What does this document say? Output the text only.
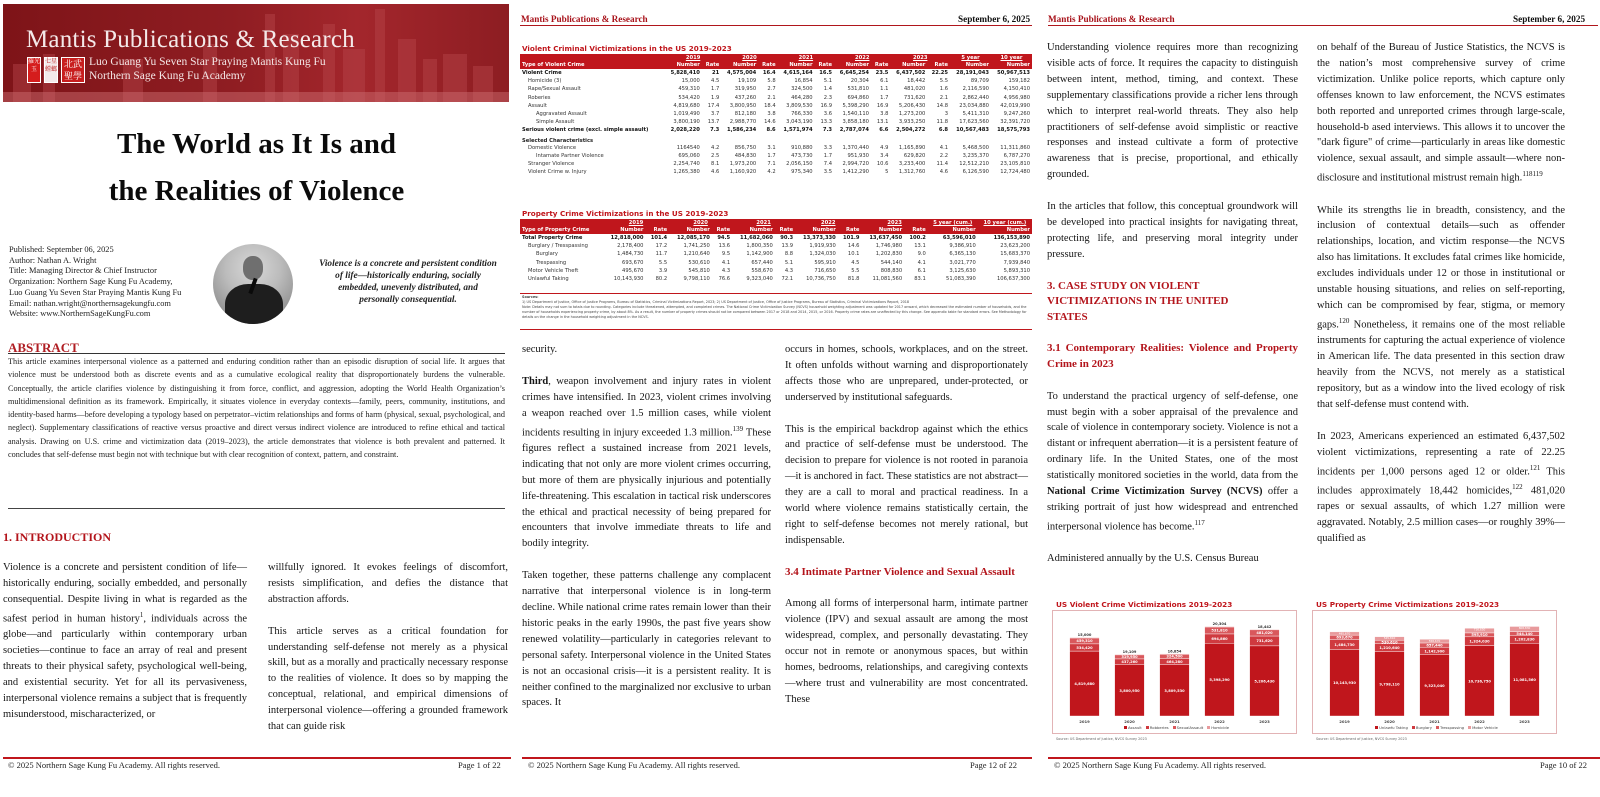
Mantis Publications & Research
羅光玉
七星螳螂
北武聖學
Luo Guang Yu Seven Star Praying Mantis Kung Fu
Northern Sage Kung Fu Academy
The World as It Is and
the Realities of Violence
Published: September 06, 2025
Author: Nathan A. Wright
Title: Managing Director & Chief Instructor
Organization: Northern Sage Kung Fu Academy,
Luo Guang Yu Seven Star Praying Mantis Kung Fu
Email: nathan.wright@northernsagekungfu.com
Website: www.NorthernSageKungFu.com
Violence is a concrete and persistent condition of life—historically enduring, socially embedded, unevenly distributed, and personally consequential.
ABSTRACT
This article examines interpersonal violence as a patterned and enduring condition rather than an episodic disruption of social life. It argues that violence must be understood both as discrete events and as a cumulative ecological reality that disproportionately burdens the vulnerable. Conceptually, the article clarifies violence by distinguishing it from force, conflict, and aggression, adopting the World Health Organization’s multidimensional definition as its framework. Empirically, it situates violence in everyday contexts—family, peers, community, institutions, and identity-based harms—before developing a typology based on perpetrator–victim relationships and forms of harm (physical, sexual, psychological, and neglect). Supplementary classifications of reactive versus proactive and direct versus indirect violence are introduced to refine ethical and tactical analysis. Drawing on U.S. crime and victimization data (2019–2023), the article demonstrates that violence is both prevalent and patterned. It concludes that self-defense must begin not with technique but with clear recognition of context, pattern, and constraint.
1. INTRODUCTION

Violence is a concrete and persistent condition of life—historically enduring, socially embedded, and personally consequential. Despite living in what is regarded as the safest period in human history$^1$, individuals across the globe—and particularly within contemporary urban societies—continue to face an array of real and present threats to their physical safety, psychological well-being, and existential security. Yet for all its pervasiveness, interpersonal violence remains a subject that is frequently misunderstood, mischaracterized, or

willfully ignored. It evokes feelings of discomfort, resists simplification, and defies the distance that abstraction affords.

This article serves as a critical foundation for understanding self-defense not merely as a physical skill, but as a morally and practically necessary response to the realities of violence. It does so by mapping the conceptual, relational, and empirical dimensions of interpersonal violence—offering a grounded framework that can guide risk

© 2025 Northern Sage Kung Fu Academy. All rights reserved.	Page 1 of 22
Mantis Publications & Research	September 6, 2025
Violent Criminal Victimizations in the US 2019-2023
	2019		2020		2021		2022		2023		5 year	10 year
Type of Violent Crime	Number	Rate	Number	Rate	Number	Rate	Number	Rate	Number	Rate	Number	Number
Violent Crime	5,828,410	21	4,575,004	16.4	4,615,164	16.5	6,645,254	23.5	6,437,502	22.25	28,191,043	50,967,513
Homicide (3)	15,000	4.5	19,109	5.8	16,854	5.1	20,304	6.1	18,442	5.5	89,709	159,182
Rape/Sexual Assault	459,310	1.7	319,950	2.7	324,500	1.4	531,810	1.1	481,020	1.6	2,116,590	4,150,410
Roberies	534,420	1.9	437,260	2.1	464,280	2.3	694,860	1.7	731,620	2.1	2,862,440	4,956,980
Assault	4,819,680	17.4	3,800,950	18.4	3,809,530	16.9	5,398,290	16.9	5,206,430	14.8	23,034,880	42,019,990
Aggravated Assault	1,019,490	3.7	812,180	3.8	766,330	3.6	1,540,110	3.8	1,273,200	3	5,411,310	9,247,260
Simple Assault	3,800,190	13.7	2,988,770	14.6	3,043,190	13.3	3,858,180	13.1	3,933,250	11.8	17,623,560	32,391,720
Serious violent crime (excl. simple assault)	2,028,220	7.3	1,586,234	8.6	1,571,974	7.3	2,787,074	6.6	2,504,272	6.8	10,567,483	18,575,793
Selected Characteristics												
Domestic Violence	1164540	4.2	856,750	3.1	910,880	3.3	1,370,440	4.9	1,165,890	4.1	5,468,500	11,311,860
Intamate Partner Violence	695,060	2.5	484,830	1.7	473,730	1.7	951,930	3.4	629,820	2.2	3,235,370	6,787,270
Stranger Violence	2,254,740	8.1	1,973,200	7.1	2,056,150	7.4	2,994,720	10.6	3,233,400	11.4	12,512,210	23,105,810
Violent Crime w. Injury	1,265,380	4.6	1,160,920	4.2	975,340	3.5	1,412,290	5	1,312,760	4.6	6,126,590	12,724,480
Property Crime Victimizations in the US 2019-2023
	2019		2020		2021		2022		2023		5 year (cum.)	10 year (cum.)
Type of Property Crime	Number	Rate	Number	Rate	Number	Rate	Number	Rate	Number	Rate	Number	Number
Total Property Crime	12,818,000	101.4	12,085,170	94.5	11,682,060	90.3	13,373,330	101.9	13,637,450	100.2	63,596,010	136,153,890
Burglary / Tresspassing	2,178,400	17.2	1,741,250	13.6	1,800,350	13.9	1,919,930	14.6	1,746,980	13.1	9,386,910	23,623,200
Burglary	1,484,730	11.7	1,210,640	9.5	1,142,900	8.8	1,324,030	10.1	1,202,830	9.0	6,365,130	15,683,370
Trespassing	693,670	5.5	530,610	4.1	657,440	5.1	595,910	4.5	544,140	4.1	3,021,770	7,939,840
Motor Vehicle Theft	495,670	3.9	545,810	4.3	558,670	4.3	716,650	5.5	808,830	6.1	3,125,630	5,893,310
Unlawful Taking	10,143,930	80.2	9,798,110	76.6	9,323,040	72.1	10,736,750	81.8	11,081,560	83.1	51,083,390	106,637,300
Sources:
1) US Department of Justice, Office of Justice Programs, Bureau of Statistics, Criminal Victimizations Report, 2023; 2) US Department of Justice, Office of Justice Programs, Bureau of Statistics, Criminal Victimizations Report, 2018
Note: Details may not sum to totals due to rounding. Categories include threatened, attempted, and completed crimes. The National Crime Victimization Survey (NCVS) household weighting adjustment was updated for 2017 onward, which decreased the estimated number of households, and the number of households experiencing property crime, by about 8%. As a result, the number of property crimes should not be compared between 2017 or 2018 and 2014, 2015, or 2016. Property crime rates are unaffected by this change. See appendix table for standard errors. See Methodology for details on the change in the household weighting adjustment in the NCVS.

security.

Third, weapon involvement and injury rates in violent crimes have intensified. In 2023, violent crimes involving a weapon reached over 1.5 million cases, while violent incidents resulting in injury exceeded 1.3 million.$^{139}$ These figures reflect a sustained increase from 2021 levels, indicating that not only are more violent crimes occurring, but more of them are physically injurious and potentially life-threatening. This escalation in tactical risk underscores the ethical and practical necessity of being prepared for encounters that involve immediate threats to life and bodily integrity.

Taken together, these patterns challenge any complacent narrative that interpersonal violence is in long-term decline. While national crime rates remain lower than their historic peaks in the early 1990s, the past five years show renewed volatility—particularly in categories relevant to personal safety. Interpersonal violence in the United States is not an occasional crisis—it is a persistent reality. It is neither confined to the marginalized nor exclusive to urban spaces. It

occurs in homes, schools, workplaces, and on the street. It often unfolds without warning and disproportionately affects those who are unprepared, under-protected, or underserved by institutional safeguards.

This is the empirical backdrop against which the ethics and practice of self-defense must be understood. The decision to prepare for violence is not rooted in paranoia—it is anchored in fact. These statistics are not abstract—they are a call to moral and practical readiness. In a world where violence remains statistically certain, the right to self-defense becomes not merely rational, but indispensable.

3.4 Intimate Partner Violence and Sexual Assault

Among all forms of interpersonal harm, intimate partner violence (IPV) and sexual assault are among the most widespread, complex, and personally devastating. They occur not in remote or anonymous spaces, but within homes, bedrooms, relationships, and caregiving contexts—where trust and vulnerability are most concentrated. These

© 2025 Northern Sage Kung Fu Academy. All rights reserved.	Page 12 of 22
Mantis Publications & Research	September 6, 2025

Understanding violence requires more than recognizing visible acts of force. It requires the capacity to distinguish between intent, method, timing, and context. These supplementary classifications provide a richer lens through which to interpret real-world threats. They also help practitioners of self-defense avoid simplistic or reactive responses and instead cultivate a form of protective awareness that is precise, proportional, and ethically grounded.

In the articles that follow, this conceptual groundwork will be developed into practical insights for navigating threat, protecting life, and preserving moral integrity under pressure.

3. CASE STUDY ON VIOLENT VICTIMIZATIONS IN THE UNITED STATES

3.1 Contemporary Realities: Violence and Property Crime in 2023

To understand the practical urgency of self-defense, one must begin with a sober appraisal of the prevalence and scale of violence in contemporary society. Violence is not a distant or infrequent aberration—it is a persistent feature of ordinary life. In the United States, one of the most statistically monitored societies in the world, data from the National Crime Victimization Survey (NCVS) offer a striking portrait of just how widespread and entrenched interpersonal violence has become.$^{117}$

Administered annually by the U.S. Census Bureau

on behalf of the Bureau of Justice Statistics, the NCVS is the nation’s most comprehensive survey of crime victimization. Unlike police reports, which capture only offenses known to law enforcement, the NCVS estimates both reported and unreported crimes through large-scale, household-b ased interviews. This allows it to uncover the "dark figure" of crime—particularly in areas like domestic violence, sexual assault, and simple assault—where non-disclosure and institutional mistrust remain high.$^{118119}$

While its strengths lie in breadth, consistency, and the inclusion of contextual details—such as offender relationships, location, and victim response—the NCVS also has limitations. It excludes fatal crimes like homicide, excludes individuals under 12 or those in institutional or unstable housing situations, and relies on self-reporting, which can be compromised by fear, stigma, or memory gaps.$^{120}$ Nonetheless, it remains one of the most reliable instruments for capturing the actual experience of violence in American life. The data presented in this section draw heavily from the NCVS, not merely as a statistical repository, but as a window into the lived ecology of risk that self-defense must contend with.

In 2023, Americans experienced an estimated 6,437,502 violent victimizations, representing a rate of 22.25 incidents per 1,000 persons aged 12 or older.$^{121}$ This includes approximately 18,442 homicides,$^{122}$ 481,020 rapes or sexual assaults, of which 1.27 million were aggravated. Notably, 2.5 million cases—or roughly 39%—qualified as

US Violent Crime Victimizations 2019-2023
4,819,680
534,420
459,310
15,000
2019
3,800,950
437,260
319,950
19,109
2020
3,809,530
464,280
324,500
16,854
2021
5,398,290
694,860
531,810
20,304
2022
5,206,430
731,620
481,020
18,442
2023
Assault Robberies SexualAssault Homicide
Source: US Department of Justice, NVCS Survey 2023
US Property Crime Victimizations 2019-2023
10,143,930
1,484,730
693,670
495,670
2019
9,798,110
1,210,640
530,610
545,810
2020
9,323,040
1,142,900
657,440
558,670
2021
10,736,750
1,324,030
595,910
716,650
2022
11,081,560
1,202,830
544,140
808,830
2023
Unlawfu Taking Burglary Tresspassing Motor Vehicle
Source: US Department of Justice, NVCS Survey 2023
© 2025 Northern Sage Kung Fu Academy. All rights reserved.	Page 10 of 22
